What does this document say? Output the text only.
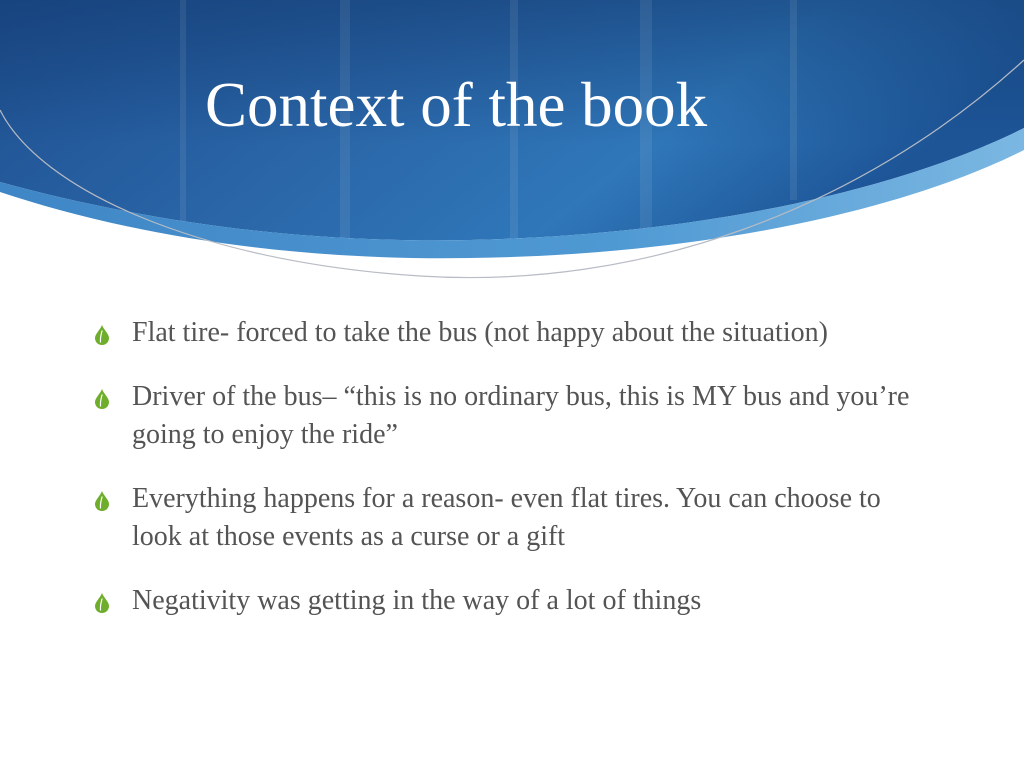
Context of the book
Flat tire- forced to take the bus (not happy about the situation)
Driver of the bus– “this is no ordinary bus, this is MY bus and you’re going to enjoy the ride”
Everything happens for a reason- even flat tires. You can choose to look at those events as a curse or a gift
Negativity was getting in the way of a lot of things
